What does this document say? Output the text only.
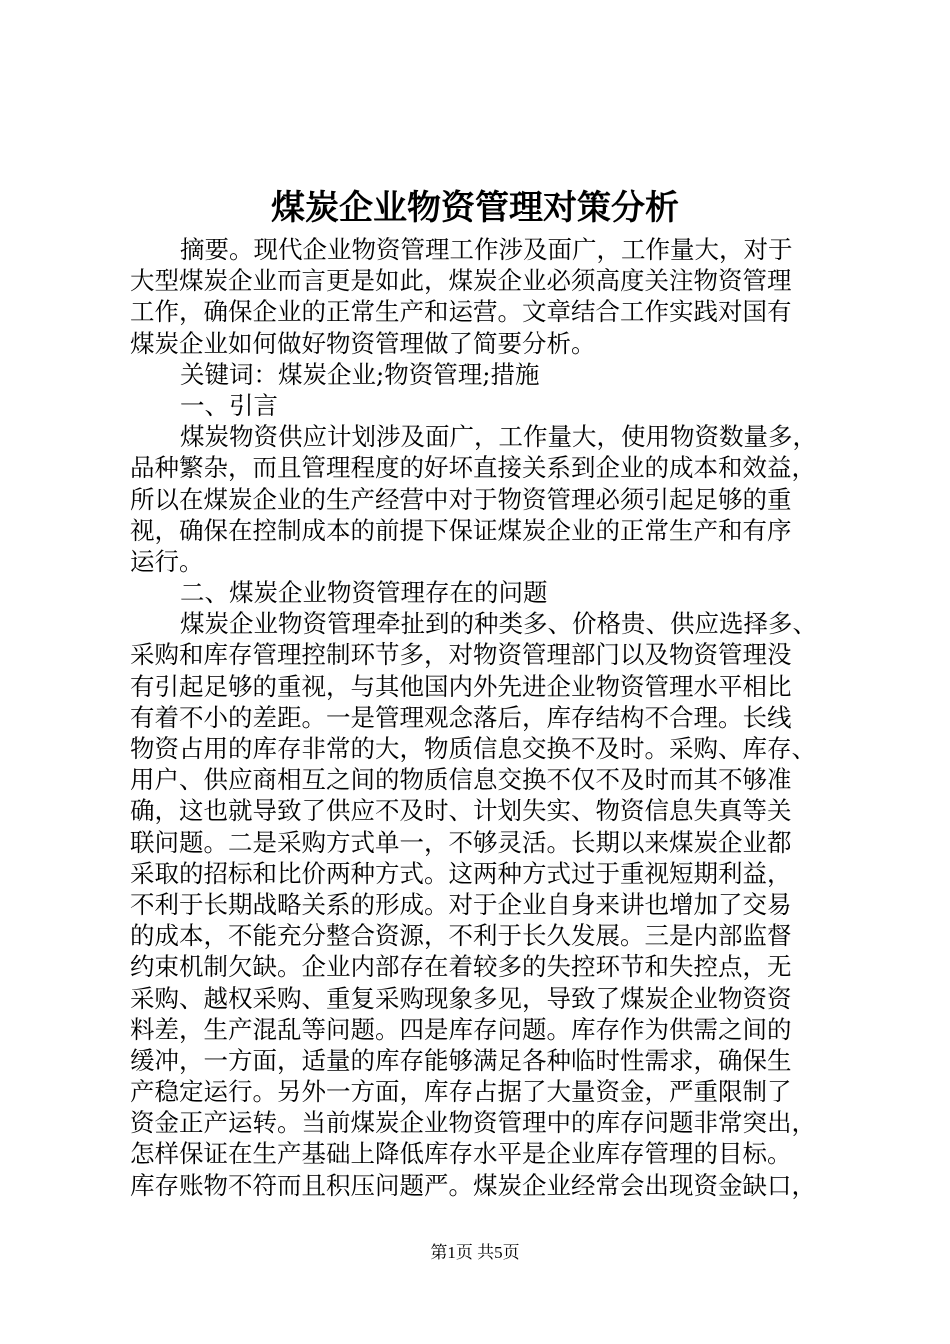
煤炭企业物资管理对策分析
摘要。现代企业物资管理工作涉及面广，工作量大，对于
大型煤炭企业而言更是如此，煤炭企业必须高度关注物资管理
工作，确保企业的正常生产和运营。文章结合工作实践对国有
煤炭企业如何做好物资管理做了简要分析。
关键词：煤炭企业;物资管理;措施
一、引言
煤炭物资供应计划涉及面广，工作量大，使用物资数量多，
品种繁杂，而且管理程度的好坏直接关系到企业的成本和效益，
所以在煤炭企业的生产经营中对于物资管理必须引起足够的重
视，确保在控制成本的前提下保证煤炭企业的正常生产和有序
运行。
二、煤炭企业物资管理存在的问题
煤炭企业物资管理牵扯到的种类多、价格贵、供应选择多、
采购和库存管理控制环节多，对物资管理部门以及物资管理没
有引起足够的重视，与其他国内外先进企业物资管理水平相比
有着不小的差距。一是管理观念落后，库存结构不合理。长线
物资占用的库存非常的大，物质信息交换不及时。采购、库存、
用户、供应商相互之间的物质信息交换不仅不及时而其不够准
确，这也就导致了供应不及时、计划失实、物资信息失真等关
联问题。二是采购方式单一，不够灵活。长期以来煤炭企业都
采取的招标和比价两种方式。这两种方式过于重视短期利益，
不利于长期战略关系的形成。对于企业自身来讲也增加了交易
的成本，不能充分整合资源，不利于长久发展。三是内部监督
约束机制欠缺。企业内部存在着较多的失控环节和失控点，无
采购、越权采购、重复采购现象多见，导致了煤炭企业物资资
料差，生产混乱等问题。四是库存问题。库存作为供需之间的
缓冲，一方面，适量的库存能够满足各种临时性需求，确保生
产稳定运行。另外一方面，库存占据了大量资金，严重限制了
资金正产运转。当前煤炭企业物资管理中的库存问题非常突出，
怎样保证在生产基础上降低库存水平是企业库存管理的目标。
库存账物不符而且积压问题严。煤炭企业经常会出现资金缺口，
第1页 共5页
